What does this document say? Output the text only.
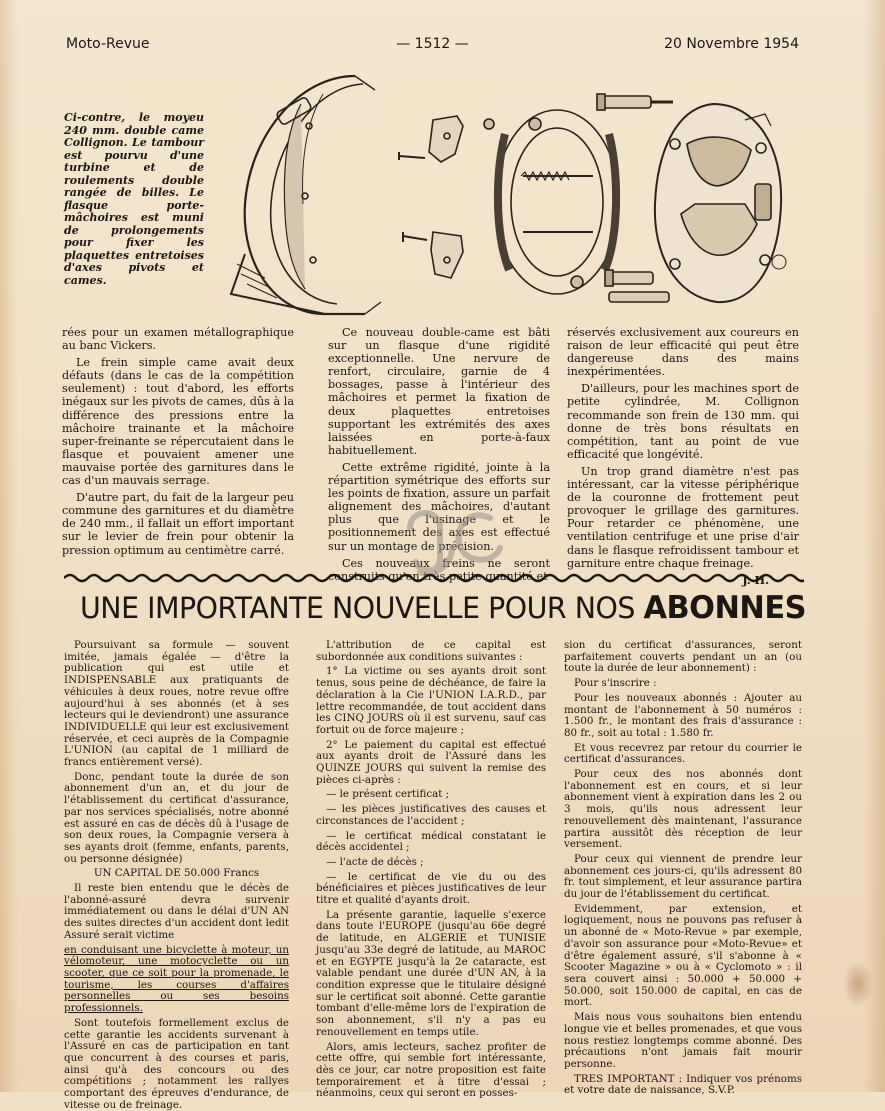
Moto-Revue	— 1512 —	20 Novembre 1954
Ci-contre, le moyeu 240 mm. double came Collignon. Le tambour est pourvu d'une turbine et de roulements double rangée de billes. Le flasque porte-mâchoires est muni de prolongements pour fixer les plaquettes entretoises d'axes pivots et cames.

rées pour un examen métallographique au banc Vickers.

Le frein simple came avait deux défauts (dans le cas de la compétition seulement) : tout d'abord, les efforts inégaux sur les pivots de cames, dûs à la différence des pressions entre la mâchoire trainante et la mâchoire super-freinante se répercutaient dans le flasque et pouvaient amener une mauvaise portée des garnitures dans le cas d'un mauvais serrage.

D'autre part, du fait de la largeur peu commune des garnitures et du diamètre de 240 mm., il fallait un effort important sur le levier de frein pour obtenir la pression optimum au centimètre carré.

Ce nouveau double-came est bâti sur un flasque d'une rigidité exceptionnelle. Une nervure de renfort, circulaire, garnie de 4 bossages, passe à l'intérieur des mâchoires et permet la fixation de deux plaquettes entretoises supportant les extrémités des axes laissées en porte-à-faux habituellement.

Cette extrême rigidité, jointe à la répartition symétrique des efforts sur les points de fixation, assure un parfait alignement des mâchoires, d'autant plus que l'usinage et le positionnement des axes est effectué sur un montage de précision.

Ces nouveaux freins ne seront construits qu'en très petite quantité et

réservés exclusivement aux coureurs en raison de leur efficacité qui peut être dangereuse dans des mains inexpérimentées.

D'ailleurs, pour les machines sport de petite cylindrée, M. Collignon recommande son frein de 130 mm. qui donne de très bons résultats en compétition, tant au point de vue efficacité que longévité.

Un trop grand diamètre n'est pas intéressant, car la vitesse périphérique de la couronne de frottement peut provoquer le grillage des garnitures. Pour retarder ce phénomène, une ventilation centrifuge et une prise d'air dans le flasque refroidissent tambour et garniture entre chaque freinage.

J. H.

UNE IMPORTANTE NOUVELLE POUR NOS ABONNES

Poursuivant sa formule — souvent imitée, jamais égalée — d'être la publication qui est utile et INDISPENSABLE aux pratiquants de véhicules à deux roues, notre revue offre aujourd'hui à ses abonnés (et à ses lecteurs qui le deviendront) une assurance INDIVIDUELLE qui leur est exclusivement réservée, et ceci auprès de la Compagnie L'UNION (au capital de 1 milliard de francs entièrement versé).

Donc, pendant toute la durée de son abonnement d'un an, et du jour de l'établissement du certificat d'assurance, par nos services spécialisés, notre abonné est assuré en cas de décès dû à l'usage de son deux roues, la Compagnie versera à ses ayants droit (femme, enfants, parents, ou personne désignée)

UN CAPITAL DE 50.000 Francs

Il reste bien entendu que le décès de l'abonné-assuré devra survenir immédiatement ou dans le délai d'UN AN des suites directes d'un accident dont ledit Assuré serait victime

en conduisant une bicyclette à moteur, un vélomoteur, une motocyclette ou un scooter, que ce soit pour la promenade, le tourisme, les courses d'affaires personnelles ou ses besoins professionnels.

Sont toutefois formellement exclus de cette garantie les accidents survenant à l'Assuré en cas de participation en tant que concurrent à des courses et paris, ainsi qu'à des concours ou des compétitions ; notamment les rallyes comportant des épreuves d'endurance, de vitesse ou de freinage.

L'attribution de ce capital est subordonnée aux conditions suivantes :

1° La victime ou ses ayants droit sont tenus, sous peine de déchéance, de faire la déclaration à la Cie l'UNION I.A.R.D., par lettre recommandée, de tout accident dans les CINQ JOURS où il est survenu, sauf cas fortuit ou de force majeure ;

2° Le paiement du capital est effectué aux ayants droit de l'Assuré dans les QUINZE JOURS qui suivent la remise des pièces ci-après :

— le présent certificat ;

— les pièces justificatives des causes et circonstances de l'accident ;

— le certificat médical constatant le décès accidentel ;

— l'acte de décès ;

— le certificat de vie du ou des bénéficiaires et pièces justificatives de leur titre et qualité d'ayants droit.

La présente garantie, laquelle s'exerce dans toute l'EUROPE (jusqu'au 66e degré de latitude, en ALGERIE et TUNISIE jusqu'au 33e degré de latitude, au MAROC et en EGYPTE jusqu'à la 2e cataracte, est valable pendant une durée d'UN AN, à la condition expresse que le titulaire désigné sur le certificat soit abonné. Cette garantie tombant d'elle-même lors de l'expiration de son abonnement, s'il n'y a pas eu renouvellement en temps utile.

Alors, amis lecteurs, sachez profiter de cette offre, qui semble fort intéressante, dès ce jour, car notre proposition est faite temporairement et à titre d'essai ; néanmoins, ceux qui seront en posses-

sion du certificat d'assurances, seront parfaitement couverts pendant un an (ou toute la durée de leur abonnement) :

Pour s'inscrire :

Pour les nouveaux abonnés : Ajouter au montant de l'abonnement à 50 numéros : 1.500 fr., le montant des frais d'assurance : 80 fr., soit au total : 1.580 fr.

Et vous recevrez par retour du courrier le certificat d'assurances.

Pour ceux des nos abonnés dont l'abonnement est en cours, et si leur abonnement vient à expiration dans les 2 ou 3 mois, qu'ils nous adressent leur renouvellement dès maintenant, l'assurance partira aussitôt dès réception de leur versement.

Pour ceux qui viennent de prendre leur abonnement ces jours-ci, qu'ils adressent 80 fr. tout simplement, et leur assurance partira du jour de l'établissement du certificat.

Evidemment, par extension, et logiquement, nous ne pouvons pas refuser à un abonné de « Moto-Revue » par exemple, d'avoir son assurance pour «Moto-Revue» et d'être également assuré, s'il s'abonne à « Scooter Magazine » ou à « Cyclomoto » : il sera couvert ainsi : 50.000 + 50.000 + 50.000, soit 150.000 de capital, en cas de mort.

Mais nous vous souhaitons bien entendu longue vie et belles promenades, et que vous nous restiez longtemps comme abonné. Des précautions n'ont jamais fait mourir personne.

TRES IMPORTANT : Indiquer vos prénoms et votre date de naissance, S.V.P.
